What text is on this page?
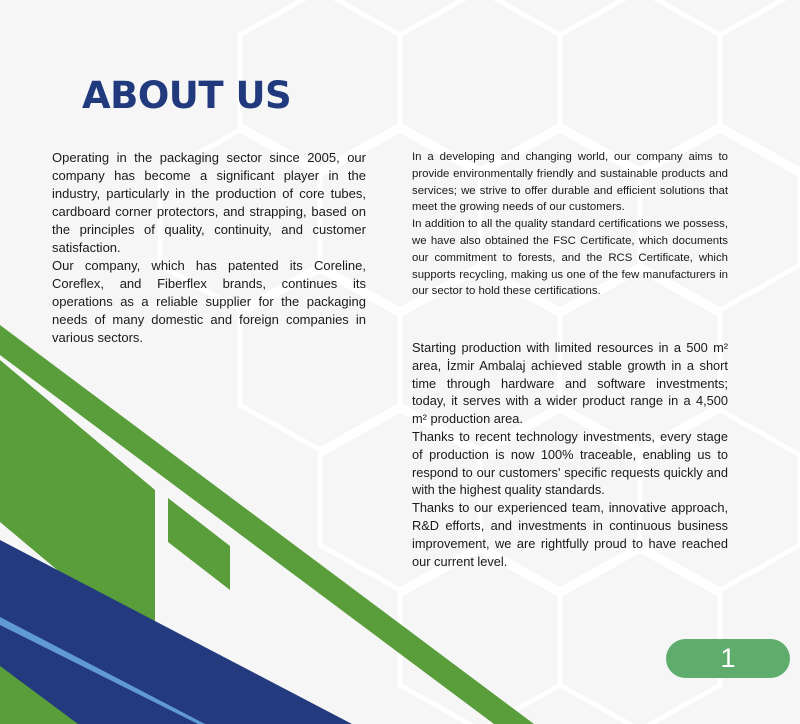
ABOUT US

Operating in the packaging sector since 2005, our company has become a significant player in the industry, particularly in the production of core tubes, cardboard corner protectors, and strapping, based on the principles of quality, continuity, and customer satisfaction.

Our company, which has patented its Coreline, Coreflex, and Fiberflex brands, continues its operations as a reliable supplier for the packaging needs of many domestic and foreign companies in various sectors.

In a developing and changing world, our company aims to provide environmentally friendly and sustainable products and services; we strive to offer durable and efficient solutions that meet the growing needs of our customers.

In addition to all the quality standard certifications we possess, we have also obtained the FSC Certificate, which documents our commitment to forests, and the RCS Certificate, which supports recycling, making us one of the few manufacturers in our sector to hold these certifications.

Starting production with limited resources in a 500 m² area, İzmir Ambalaj achieved stable growth in a short time through hardware and software investments; today, it serves with a wider product range in a 4,500 m² production area.

Thanks to recent technology investments, every stage of production is now 100% traceable, enabling us to respond to our customers' specific requests quickly and with the highest quality standards.

Thanks to our experienced team, innovative approach, R&D efforts, and investments in continuous business improvement, we are rightfully proud to have reached our current level.

1
